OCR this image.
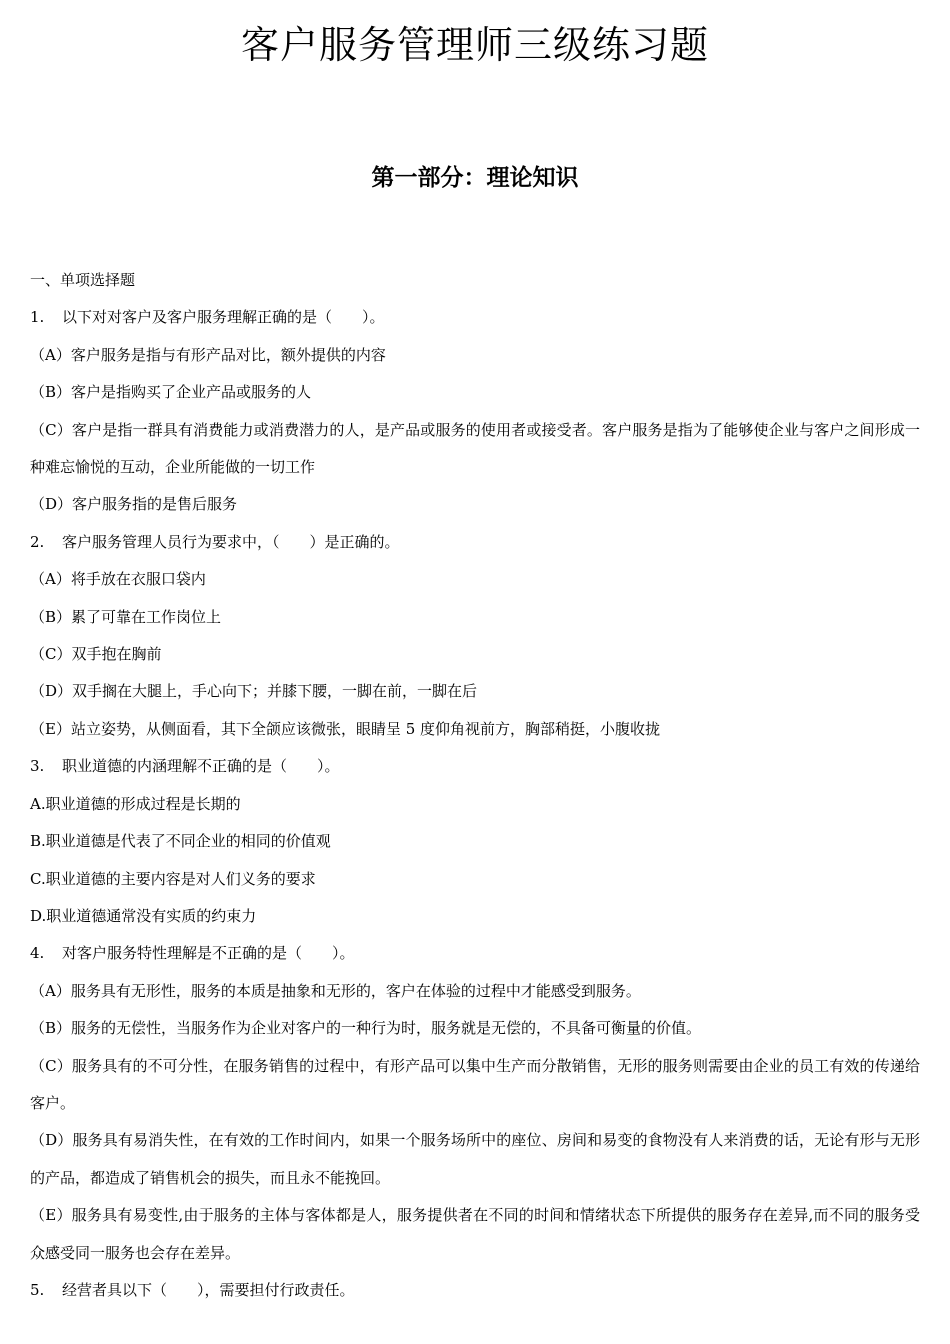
客户服务管理师三级练习题
第一部分：理论知识
一、单项选择题
1. 以下对对客户及客户服务理解正确的是（　　）。
（A）客户服务是指与有形产品对比，额外提供的内容
（B）客户是指购买了企业产品或服务的人
（C）客户是指一群具有消费能力或消费潜力的人，是产品或服务的使用者或接受者。客户服务是指为了能够使企业与客户之间形成一种难忘愉悦的互动，企业所能做的一切工作
（D）客户服务指的是售后服务
2. 客户服务管理人员行为要求中，（　　）是正确的。
（A）将手放在衣服口袋内
（B）累了可靠在工作岗位上
（C）双手抱在胸前
（D）双手搁在大腿上，手心向下；并膝下腰，一脚在前，一脚在后
（E）站立姿势，从侧面看，其下全颌应该微张，眼睛呈 5 度仰角视前方，胸部稍挺，小腹收拢
3. 职业道德的内涵理解不正确的是（　　）。
A.职业道德的形成过程是长期的
B.职业道德是代表了不同企业的相同的价值观
C.职业道德的主要内容是对人们义务的要求
D.职业道德通常没有实质的约束力
4. 对客户服务特性理解是不正确的是（　　）。
（A）服务具有无形性，服务的本质是抽象和无形的，客户在体验的过程中才能感受到服务。
（B）服务的无偿性，当服务作为企业对客户的一种行为时，服务就是无偿的，不具备可衡量的价值。
（C）服务具有的不可分性，在服务销售的过程中，有形产品可以集中生产而分散销售，无形的服务则需要由企业的员工有效的传递给客户。
（D）服务具有易消失性，在有效的工作时间内，如果一个服务场所中的座位、房间和易变的食物没有人来消费的话，无论有形与无形的产品，都造成了销售机会的损失，而且永不能挽回。
（E）服务具有易变性,由于服务的主体与客体都是人，服务提供者在不同的时间和情绪状态下所提供的服务存在差异,而不同的服务受众感受同一服务也会存在差异。
5. 经营者具以下（　　），需要担付行政责任。
